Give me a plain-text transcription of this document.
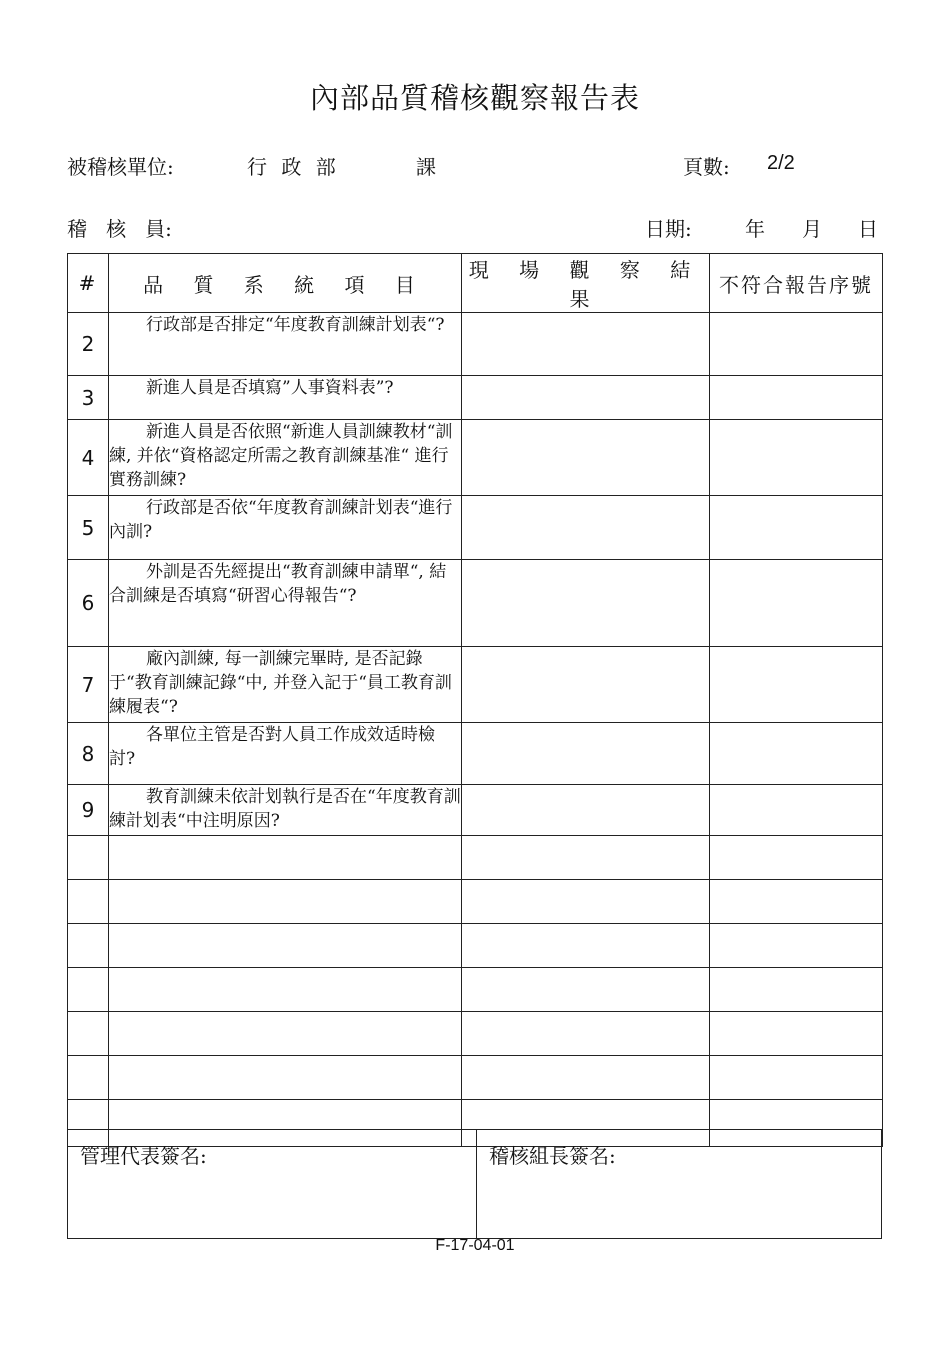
內部品質稽核觀察報告表
被稽核單位:	行 政 部	課	頁數: 2/2
稽   核   員:	日期:	年 月 日
#	品 質 系 統 項 目	現 場 觀 察 結 果	不符合報告序號
2	行政部是否排定“年度教育訓練計划表“?		

3	新進人員是否填寫”人事資料表”?		

4	新進人員是否依照“新進人員訓練教材“訓練, 并依“資格認定所需之教育訓練基准“ 進行實務訓練?		

5	行政部是否依“年度教育訓練計划表“進行內訓?		

6	外訓是否先經提出“教育訓練申請單“, 結合訓練是否填寫“研習心得報告“?		

7	廠內訓練, 每一訓練完畢時, 是否記錄于“教育訓練記錄“中, 并登入記于“員工教育訓練履表“?		

8	各單位主管是否對人員工作成效适時檢討?		

9	教育訓練未依計划執行是否在“年度教育訓練計划表“中注明原因?		

管理代表簽名:	稽核組長簽名:
F-17-04-01
